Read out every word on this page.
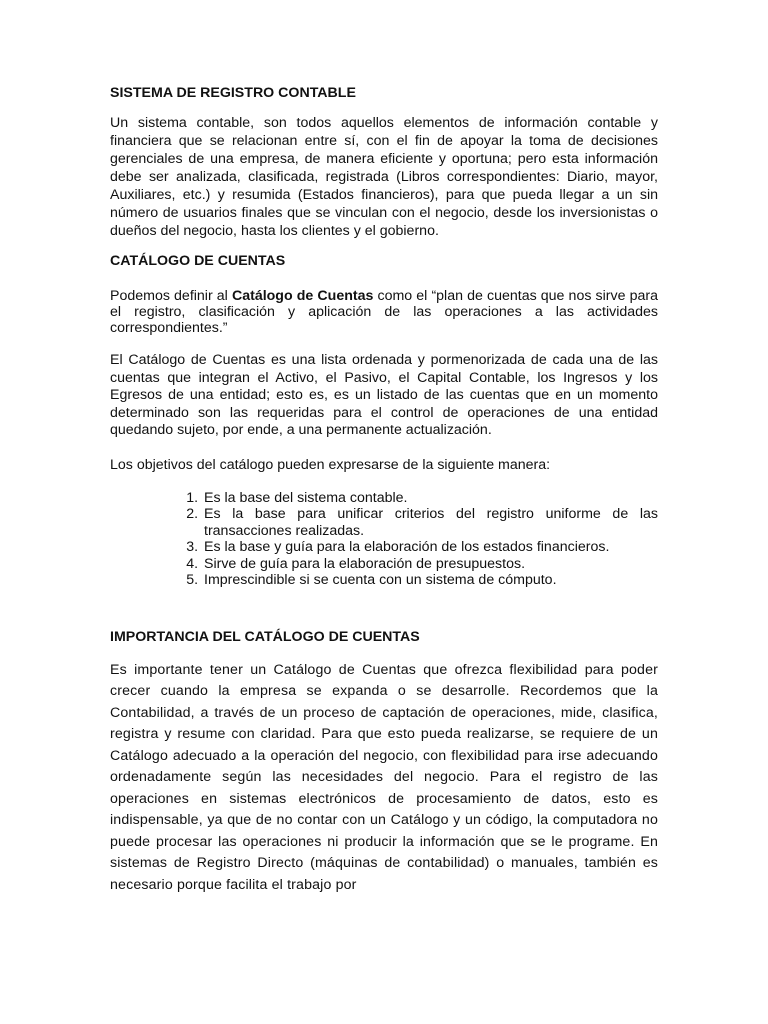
SISTEMA DE REGISTRO CONTABLE

Un sistema contable, son todos aquellos elementos de información contable y financiera que se relacionan entre sí, con el fin de apoyar la toma de decisiones gerenciales de una empresa, de manera eficiente y oportuna; pero esta información debe ser analizada, clasificada, registrada (Libros correspondientes: Diario, mayor, Auxiliares, etc.) y resumida (Estados financieros), para que pueda llegar a un sin número de usuarios finales que se vinculan con el negocio, desde los inversionistas o dueños del negocio, hasta los clientes y el gobierno.

CATÁLOGO DE CUENTAS

Podemos definir al Catálogo de Cuentas como el “plan de cuentas que nos sirve para el registro, clasificación y aplicación de las operaciones a las actividades correspondientes.”

El Catálogo de Cuentas es una lista ordenada y pormenorizada de cada una de las cuentas que integran el Activo, el Pasivo, el Capital Contable, los Ingresos y los Egresos de una entidad; esto es, es un listado de las cuentas que en un momento determinado son las requeridas para el control de operaciones de una entidad quedando sujeto, por ende, a una permanente actualización.

Los objetivos del catálogo pueden expresarse de la siguiente manera:

1. Es la base del sistema contable.
2. Es la base para unificar criterios del registro uniforme de las transacciones realizadas.
3. Es la base y guía para la elaboración de los estados financieros.
4. Sirve de guía para la elaboración de presupuestos.
5. Imprescindible si se cuenta con un sistema de cómputo.
IMPORTANCIA DEL CATÁLOGO DE CUENTAS

Es importante tener un Catálogo de Cuentas que ofrezca flexibilidad para poder crecer cuando la empresa se expanda o se desarrolle. Recordemos que la Contabilidad, a través de un proceso de captación de operaciones, mide, clasifica, registra y resume con claridad. Para que esto pueda realizarse, se requiere de un Catálogo adecuado a la operación del negocio, con flexibilidad para irse adecuando ordenadamente según las necesidades del negocio. Para el registro de las operaciones en sistemas electrónicos de procesamiento de datos, esto es indispensable, ya que de no contar con un Catálogo y un código, la computadora no puede procesar las operaciones ni producir la información que se le programe. En sistemas de Registro Directo (máquinas de contabilidad) o manuales, también es necesario porque facilita el trabajo por
